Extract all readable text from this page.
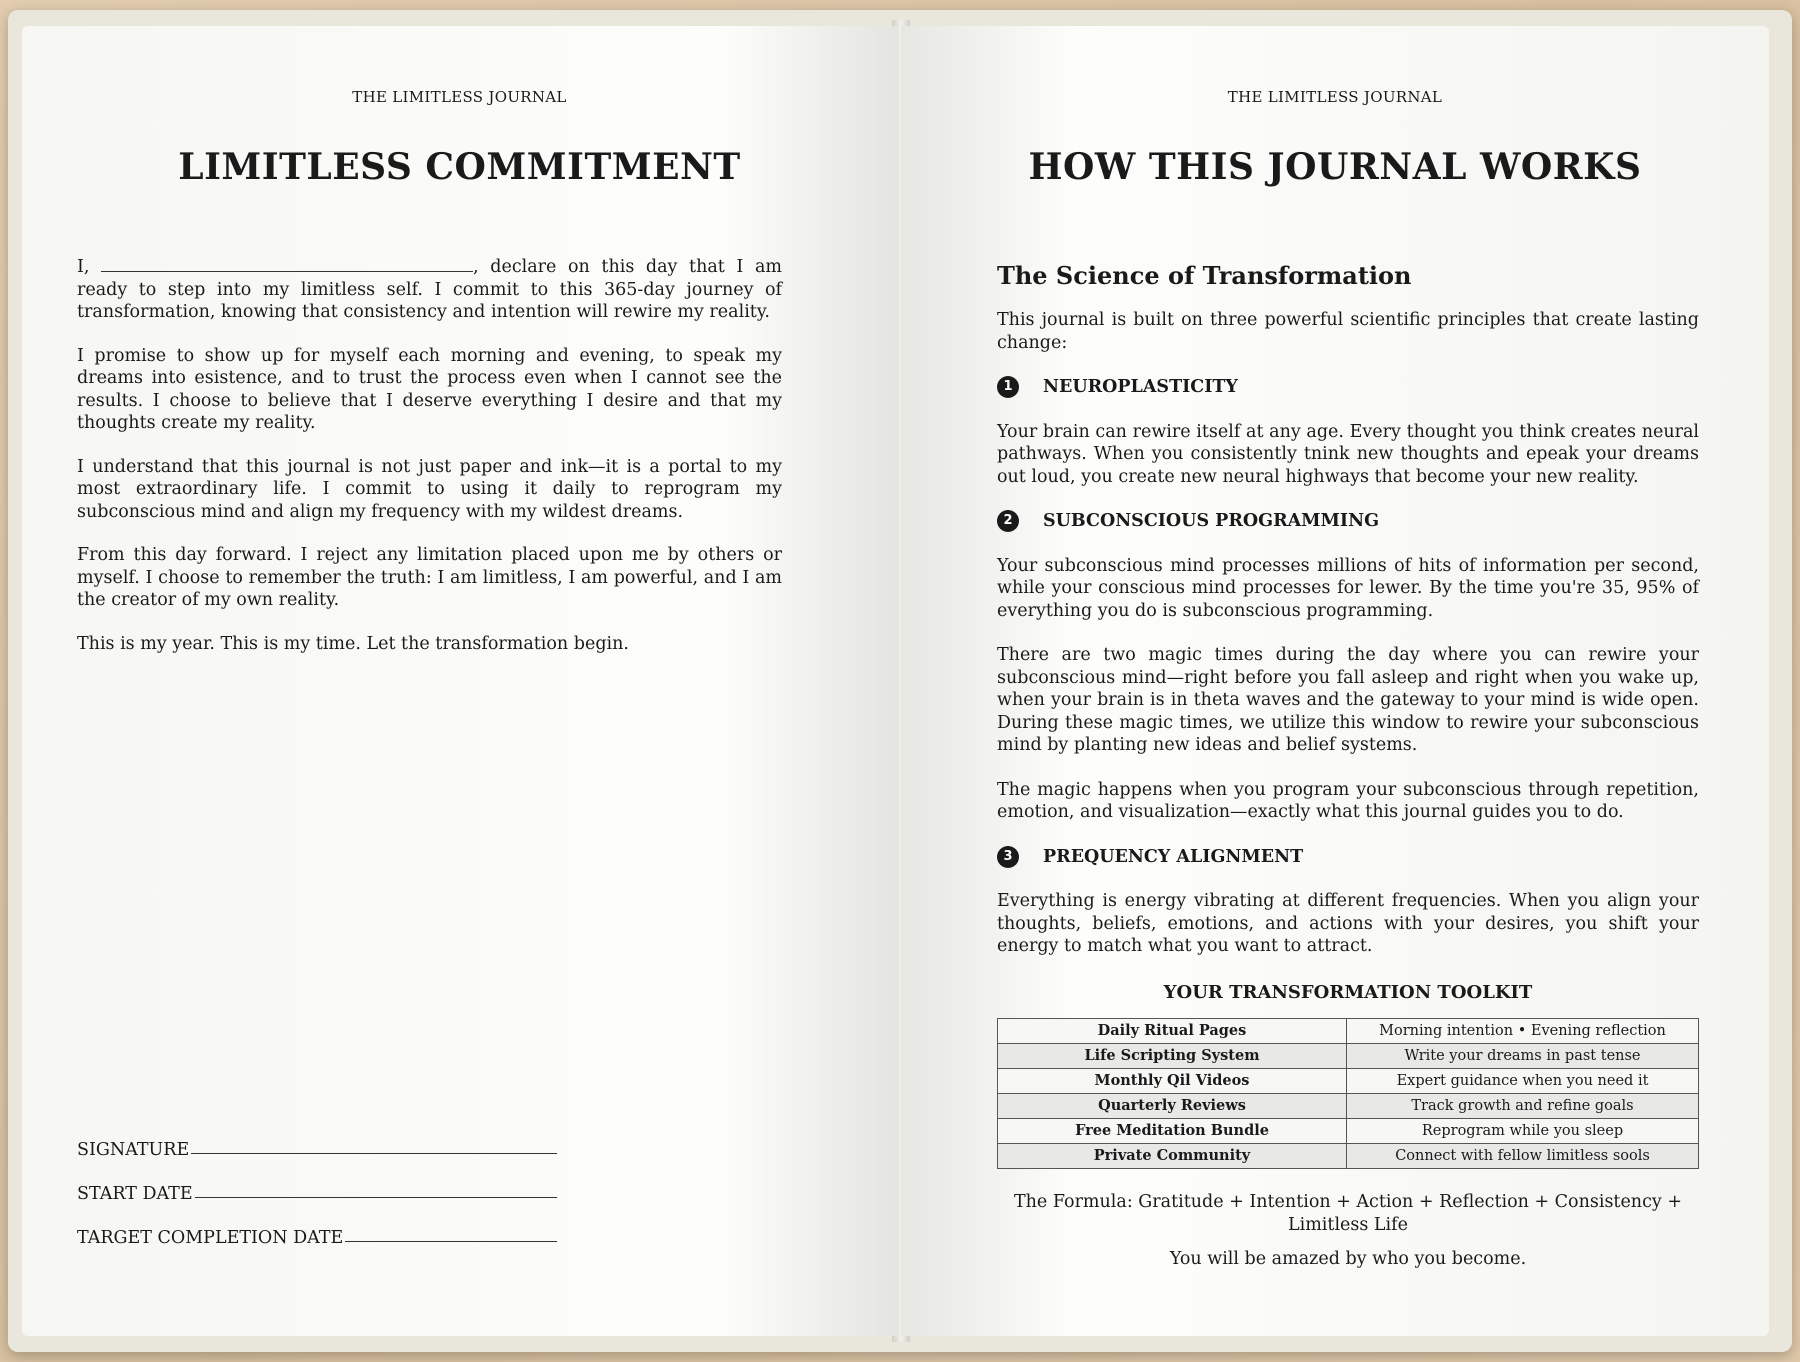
THE LIMITLESS JOURNAL
LIMITLESS COMMITMENT

I,	, declare on this day that I am ready to step into my limitless self. I commit to this 365-day journey of transformation, knowing that consistency and intention will rewire my reality.

I promise to show up for myself each morning and evening, to speak my dreams into esistence, and to trust the process even when I cannot see the results. I choose to believe that I deserve everything I desire and that my thoughts create my reality.

I understand that this journal is not just paper and ink—it is a portal to my most extraordinary life. I commit to using it daily to reprogram my subconscious mind and align my frequency with my wildest dreams.

From this day forward. I reject any limitation placed upon me by others or myself. I choose to remember the truth: I am limitless, I am powerful, and I am the creator of my own reality.

This is my year. This is my time. Let the transformation begin.

SIGNATURE
START DATE
TARGET COMPLETION DATE
THE LIMITLESS JOURNAL
HOW THIS JOURNAL WORKS
The Science of Transformation

This journal is built on three powerful scientific principles that create lasting change:

1	NEUROPLASTICITY

Your brain can rewire itself at any age. Every thought you think creates neural pathways. When you consistently tnink new thoughts and epeak your dreams out loud, you create new neural highways that become your new reality.

2	SUBCONSCIOUS PROGRAMMING

Your subconscious mind processes millions of hits of information per second, while your conscious mind processes for lewer. By the time you're 35, 95% of everything you do is subconscious programming.

There are two magic times during the day where you can rewire your subconscious mind—right before you fall asleep and right when you wake up, when your brain is in theta waves and the gateway to your mind is wide open. During these magic times, we utilize this window to rewire your subconscious mind by planting new ideas and belief systems.

The magic happens when you program your subconscious through repetition, emotion, and visualization—exactly what this journal guides you to do.

3	PREQUENCY ALIGNMENT

Everything is energy vibrating at different frequencies. When you align your thoughts, beliefs, emotions, and actions with your desires, you shift your energy to match what you want to attract.

YOUR TRANSFORMATION TOOLKIT
Daily Ritual Pages	Morning intention • Evening reflection
Life Scripting System	Write your dreams in past tense
Monthly Qil Videos	Expert guidance when you need it
Quarterly Reviews	Track growth and refine goals
Free Meditation Bundle	Reprogram while you sleep
Private Community	Connect with fellow limitless sools
The Formula: Gratitude + Intention + Action + Reflection + Consistency + Limitless Life
You will be amazed by who you become.
